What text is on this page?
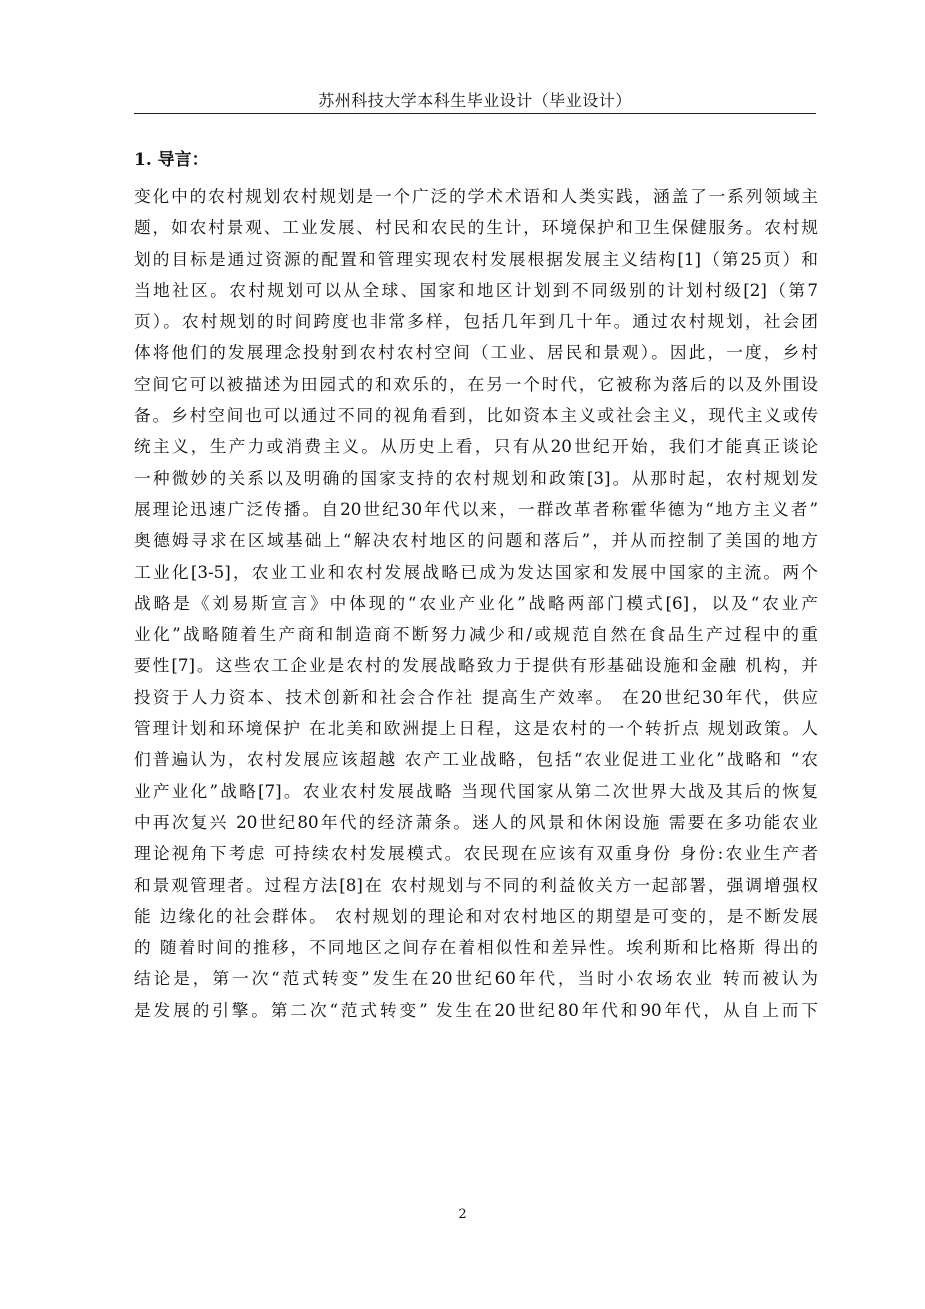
苏州科技大学本科生毕业设计（毕业设计）
1. 导言：
变化中的农村规划农村规划是一个广泛的学术术语和人类实践，涵盖了一系列领域主
题，如农村景观、工业发展、村民和农民的生计，环境保护和卫生保健服务。农村规
划的目标是通过资源的配置和管理实现农村发展根据发展主义结构[1]（第25页）和
当地社区。农村规划可以从全球、国家和地区计划到不同级别的计划村级[2]（第7
页）。农村规划的时间跨度也非常多样，包括几年到几十年。通过农村规划，社会团
体将他们的发展理念投射到农村农村空间（工业、居民和景观）。因此，一度，乡村
空间它可以被描述为田园式的和欢乐的，在另一个时代，它被称为落后的以及外围设
备。乡村空间也可以通过不同的视角看到，比如资本主义或社会主义，现代主义或传
统主义，生产力或消费主义。从历史上看，只有从20世纪开始，我们才能真正谈论
一种微妙的关系以及明确的国家支持的农村规划和政策[3]。从那时起，农村规划发
展理论迅速广泛传播。自20世纪30年代以来，一群改革者称霍华德为“地方主义者”
奥德姆寻求在区域基础上“解决农村地区的问题和落后”，并从而控制了美国的地方
工业化[3-5]，农业工业和农村发展战略已成为发达国家和发展中国家的主流。两个
战略是《刘易斯宣言》中体现的“农业产业化”战略两部门模式[6]，以及“农业产
业化”战略随着生产商和制造商不断努力减少和/或规范自然在食品生产过程中的重
要性[7]。这些农工企业是农村的发展战略致力于提供有形基础设施和金融 机构，并
投资于人力资本、技术创新和社会合作社 提高生产效率。 在20世纪30年代，供应
管理计划和环境保护 在北美和欧洲提上日程，这是农村的一个转折点 规划政策。人
们普遍认为，农村发展应该超越 农产工业战略，包括“农业促进工业化”战略和 “农
业产业化”战略[7]。农业农村发展战略 当现代国家从第二次世界大战及其后的恢复
中再次复兴 20世纪80年代的经济萧条。迷人的风景和休闲设施 需要在多功能农业
理论视角下考虑 可持续农村发展模式。农民现在应该有双重身份 身份:农业生产者
和景观管理者。过程方法[8]在 农村规划与不同的利益攸关方一起部署，强调增强权
能 边缘化的社会群体。 农村规划的理论和对农村地区的期望是可变的，是不断发展
的 随着时间的推移，不同地区之间存在着相似性和差异性。埃利斯和比格斯 得出的
结论是，第一次“范式转变”发生在20世纪60年代，当时小农场农业 转而被认为
是发展的引擎。第二次“范式转变” 发生在20世纪80年代和90年代，从自上而下
2
